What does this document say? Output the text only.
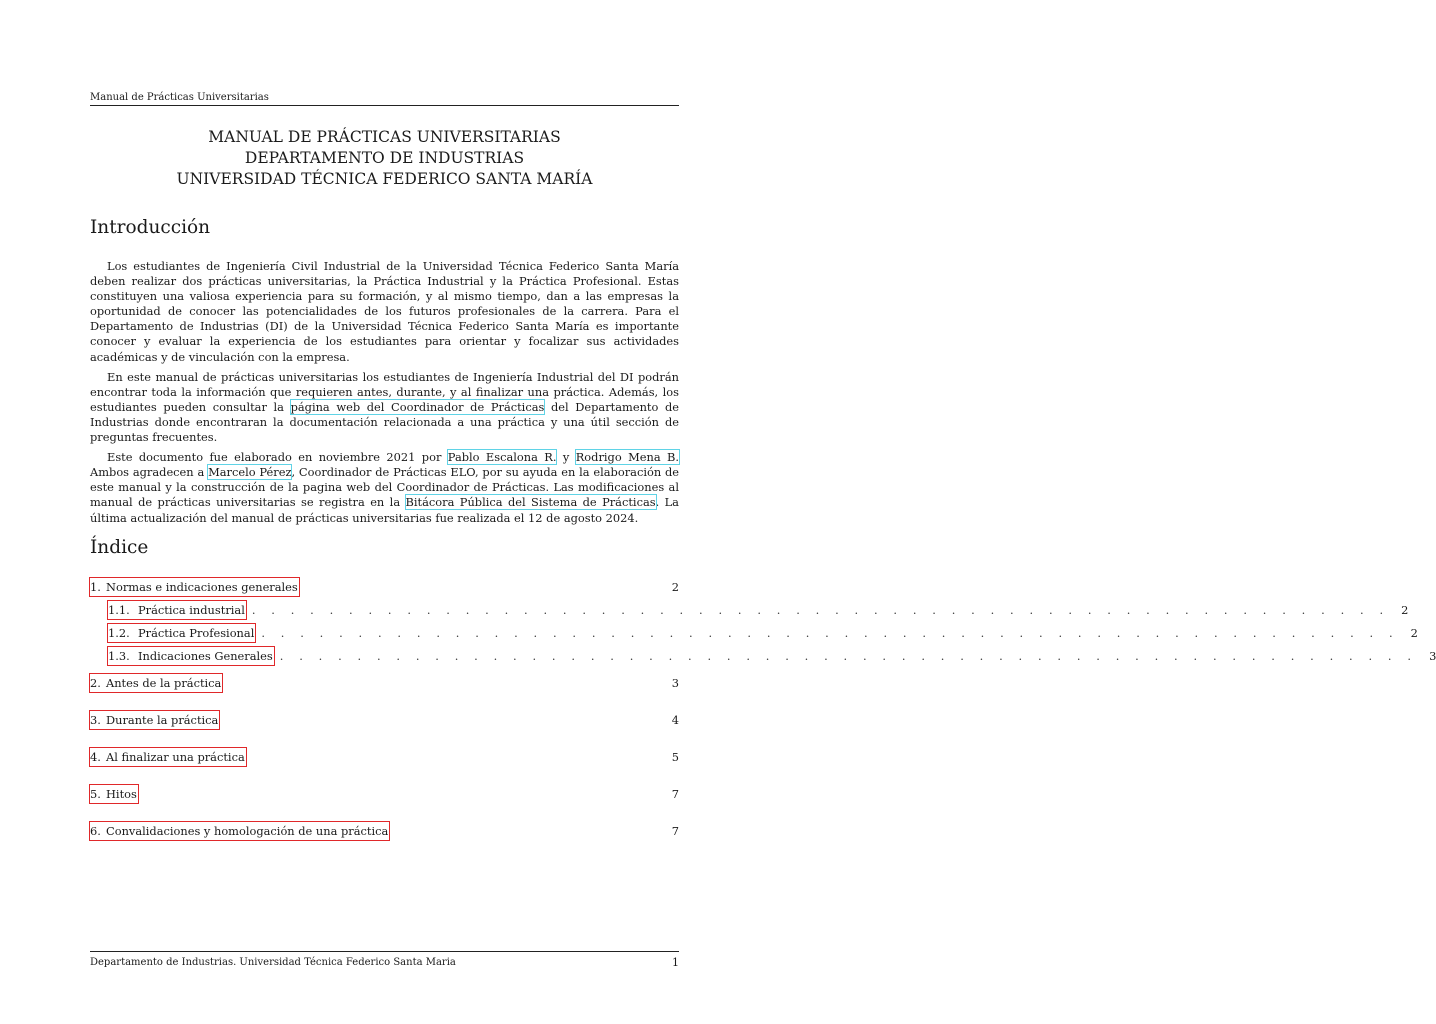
Manual de Prácticas Universitarias
MANUAL DE PRÁCTICAS UNIVERSITARIAS
DEPARTAMENTO DE INDUSTRIAS
UNIVERSIDAD TÉCNICA FEDERICO SANTA MARÍA
Introducción

Los estudiantes de Ingeniería Civil Industrial de la Universidad Técnica Federico Santa María deben realizar dos prácticas universitarias, la Práctica Industrial y la Práctica Profesional. Estas constituyen una valiosa experiencia para su formación, y al mismo tiempo, dan a las empresas la oportunidad de conocer las potencialidades de los futuros profesionales de la carrera. Para el Departamento de Industrias (DI) de la Universidad Técnica Federico Santa María es importante conocer y evaluar la experiencia de los estudiantes para orientar y focalizar sus actividades académicas y de vinculación con la empresa.

En este manual de prácticas universitarias los estudiantes de Ingeniería Industrial del DI podrán encontrar toda la información que requieren antes, durante, y al finalizar una práctica. Además, los estudiantes pueden consultar la página web del Coordinador de Prácticas del Departamento de Industrias donde encontraran la documentación relacionada a una práctica y una útil sección de preguntas frecuentes.

Este documento fue elaborado en noviembre 2021 por Pablo Escalona R. y Rodrigo Mena B. Ambos agradecen a Marcelo Pérez, Coordinador de Prácticas ELO, por su ayuda en la elaboración de este manual y la construcción de la pagina web del Coordinador de Prácticas. Las modificaciones al manual de prácticas universitarias se registra en la Bitácora Pública del Sistema de Prácticas. La última actualización del manual de prácticas universitarias fue realizada el 12 de agosto 2024.

Índice
1. Normas e indicaciones generales	2
1.1. Práctica industrial . . . . . . . . . . . . . . . . . . . . . . . . . . . . . . . . . . . . . . . . . . . . . . . . . . . . . . . . . . . 2
1.2. Práctica Profesional . . . . . . . . . . . . . . . . . . . . . . . . . . . . . . . . . . . . . . . . . . . . . . . . . . . . . . . . . . . 2
1.3. Indicaciones Generales . . . . . . . . . . . . . . . . . . . . . . . . . . . . . . . . . . . . . . . . . . . . . . . . . . . . . . . . . . . 3
2. Antes de la práctica	3
3. Durante la práctica	4
4. Al finalizar una práctica	5
5. Hitos	7
6. Convalidaciones y homologación de una práctica	7
Departamento de Industrias. Universidad Técnica Federico Santa Maria	1
